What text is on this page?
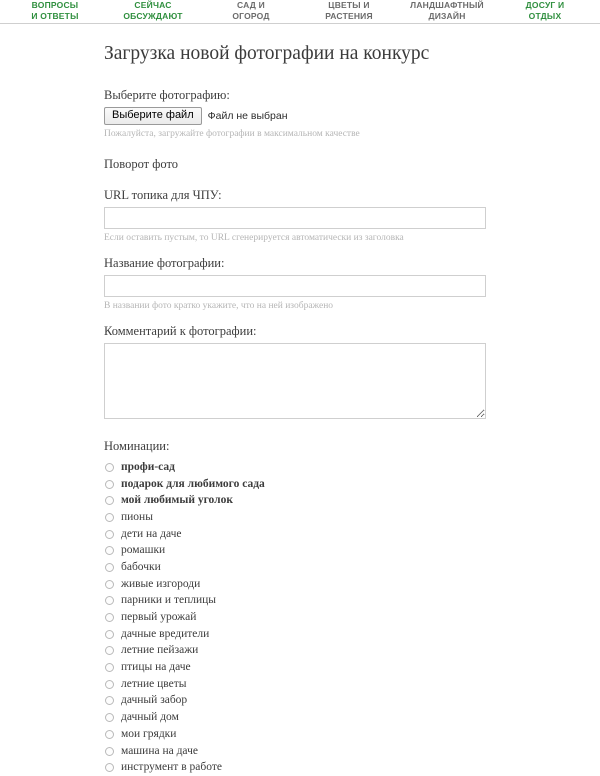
ВОПРОСЫ
И ОТВЕТЫ
СЕЙЧАС
ОБСУЖДАЮТ
САД И
ОГОРОД
ЦВЕТЫ И
РАСТЕНИЯ
ЛАНДШАФТНЫЙ
ДИЗАЙН
ДОСУГ И
ОТДЫХ
Загрузка новой фотографии на конкурс
Выберите фотографию:
Выберите файл	Файл не выбран
Пожалуйста, загружайте фотографии в максимальном качестве
Поворот фото
URL топика для ЧПУ:
Если оставить пустым, то URL сгенерируется автоматически из заголовка
Название фотографии:
В названии фото кратко укажите, что на ней изображено
Комментарий к фотографии:
Номинации:
профи-сад
подарок для любимого сада
мой любимый уголок
пионы
дети на даче
ромашки
бабочки
живые изгороди
парники и теплицы
первый урожай
дачные вредители
летние пейзажи
птицы на даче
летние цветы
дачный забор
дачный дом
мои грядки
машина на даче
инструмент в работе
